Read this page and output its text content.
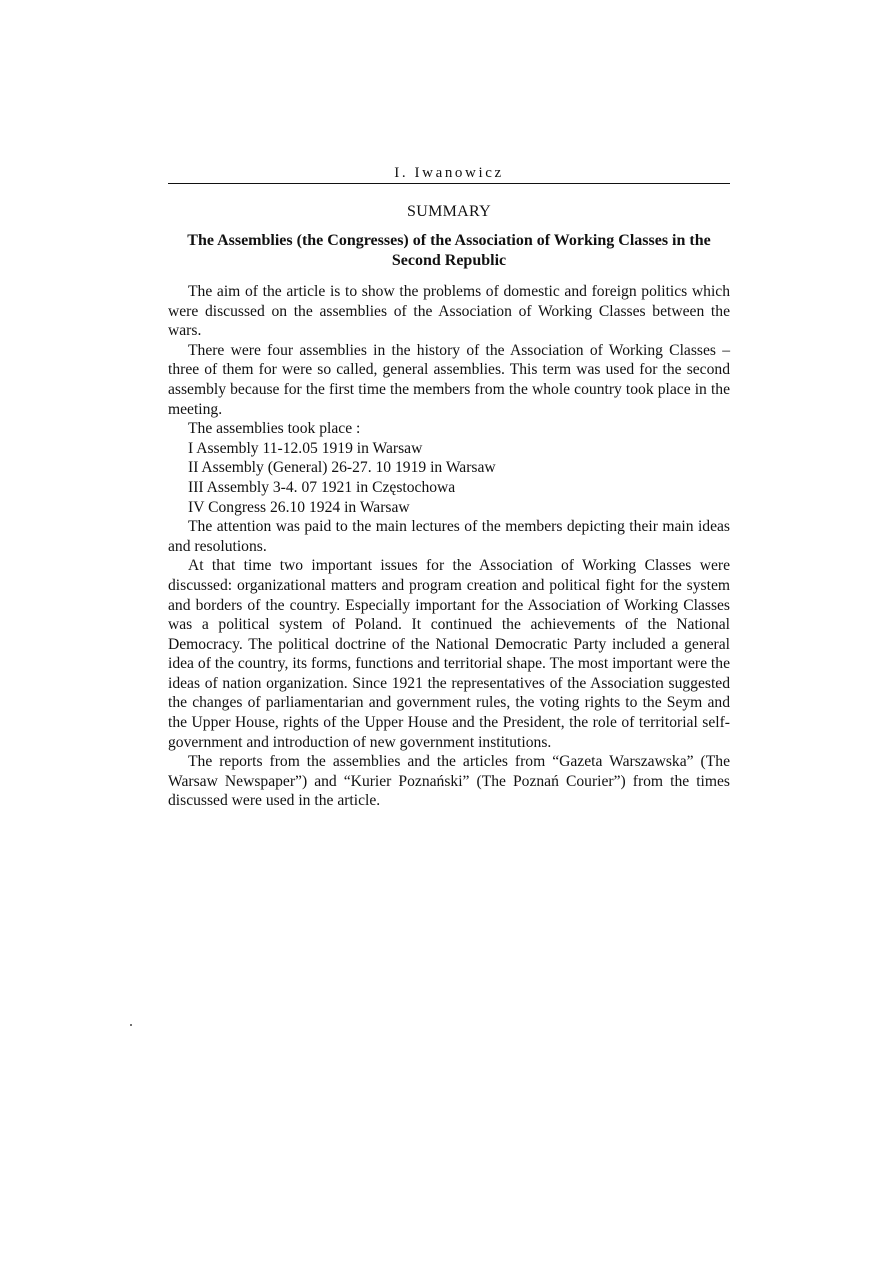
I. Iwanowicz
SUMMARY
The Assemblies (the Congresses) of the Association of Working Classes in the Second Republic

The aim of the article is to show the problems of domestic and foreign politics which were discussed on the assemblies of the Association of Working Classes between the wars.

There were four assemblies in the history of the Association of Working Classes – three of them for were so called, general assemblies. This term was used for the second assembly because for the first time the members from the whole country took place in the meeting.

The assemblies took place :

I Assembly 11-12.05 1919 in Warsaw
II Assembly (General) 26-27. 10 1919 in Warsaw
III Assembly 3-4. 07 1921 in Częstochowa
IV Congress 26.10 1924 in Warsaw

The attention was paid to the main lectures of the members depicting their main ideas and resolutions.

At that time two important issues for the Association of Working Classes were discussed: organizational matters and program creation and political fight for the system and borders of the country. Especially important for the Association of Working Classes was a political system of Poland. It continued the achievements of the National Democracy. The political doctrine of the National Democratic Party included a general idea of the country, its forms, functions and territorial shape. The most important were the ideas of nation organization. Since 1921 the representatives of the Association suggested the changes of parliamentarian and government rules, the voting rights to the Seym and the Upper House, rights of the Upper House and the President, the role of territorial self-government and introduction of new government institutions.

The reports from the assemblies and the articles from “Gazeta Warszawska” (The Warsaw Newspaper”) and “Kurier Poznański” (The Poznań Courier”) from the times discussed were used in the article.
